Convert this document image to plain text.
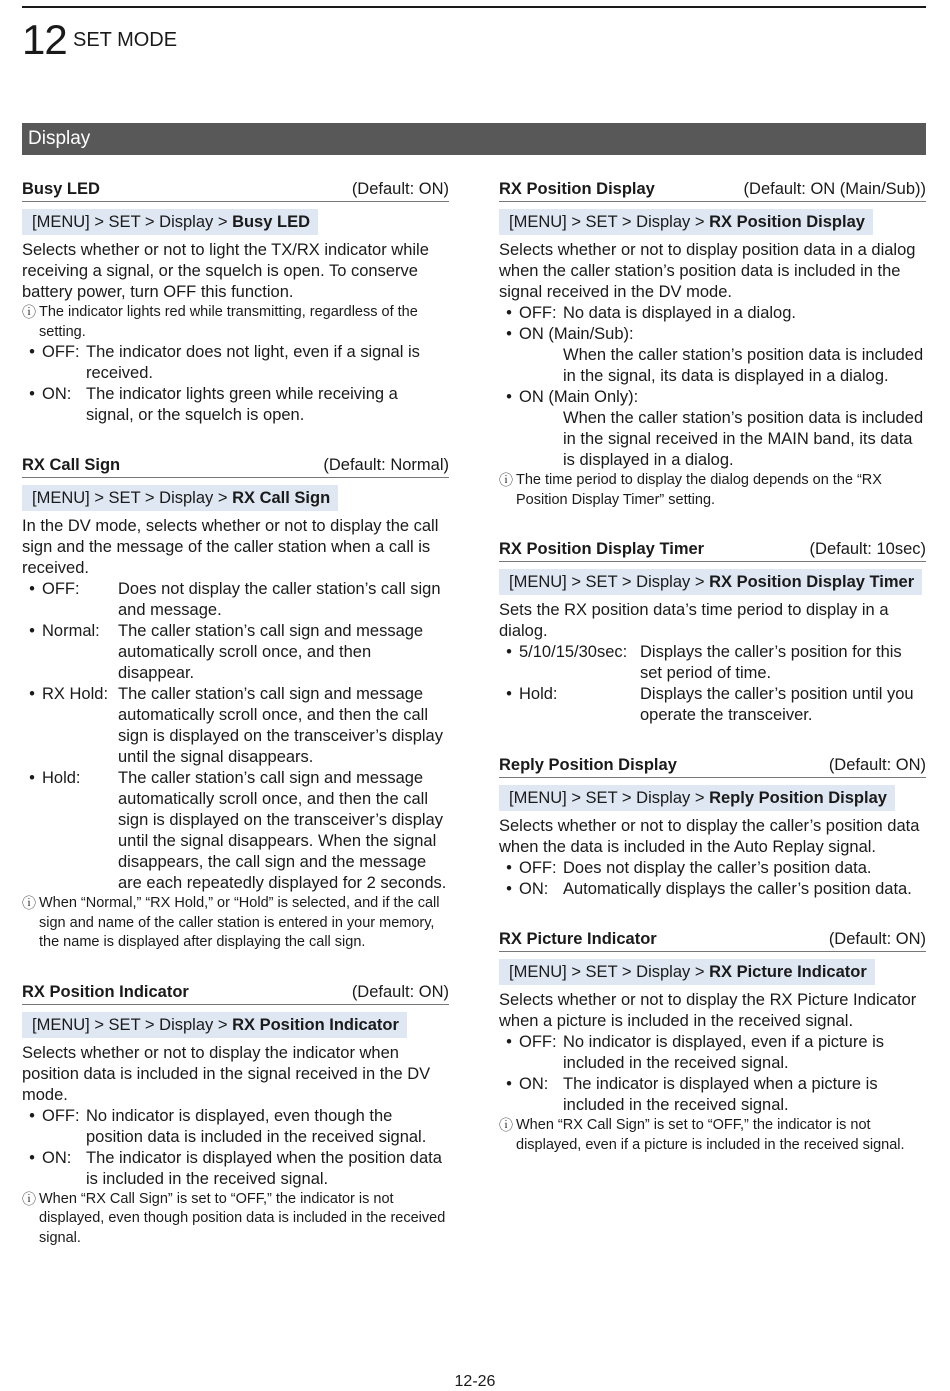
12 SET MODE
Display
Busy LED	(Default: ON)
[MENU] > SET > Display > Busy LED
Selects whether or not to light the TX/RX indicator while receiving a signal, or the squelch is open. To conserve battery power, turn OFF this function.
ⓘ The indicator lights red while transmitting, regardless of the setting.
• OFF: The indicator does not light, even if a signal is received.
• ON: The indicator lights green while receiving a signal, or the squelch is open.
RX Call Sign	(Default: Normal)
[MENU] > SET > Display > RX Call Sign
In the DV mode, selects whether or not to display the call sign and the message of the caller station when a call is received.
• OFF:	Does not display the caller station’s call sign and message.
• Normal:	The caller station’s call sign and message automatically scroll once, and then disappear.
• RX Hold: The caller station’s call sign and message automatically scroll once, and then the call sign is displayed on the transceiver’s display until the signal disappears.
• Hold:	The caller station’s call sign and message automatically scroll once, and then the call sign is displayed on the transceiver’s display until the signal disappears. When the signal disappears, the call sign and the message are each repeatedly displayed for 2 seconds.
ⓘ When “Normal,” “RX Hold,” or “Hold” is selected, and if the call sign and name of the caller station is entered in your memory, the name is displayed after displaying the call sign.
RX Position Indicator	(Default: ON)
[MENU] > SET > Display > RX Position Indicator
Selects whether or not to display the indicator when position data is included in the signal received in the DV mode.
• OFF: No indicator is displayed, even though the position data is included in the received signal.
• ON: The indicator is displayed when the position data is included in the received signal.
ⓘ When “RX Call Sign” is set to “OFF,” the indicator is not displayed, even though position data is included in the received signal.
RX Position Display	(Default: ON (Main/Sub))
[MENU] > SET > Display > RX Position Display
Selects whether or not to display position data in a dialog when the caller station’s position data is included in the signal received in the DV mode.
• OFF: No data is displayed in a dialog.
• ON (Main/Sub):
When the caller station’s position data is included in the signal, its data is displayed in a dialog.
• ON (Main Only):
When the caller station’s position data is included in the signal received in the MAIN band, its data is displayed in a dialog.
ⓘ The time period to display the dialog depends on the “RX Position Display Timer” setting.
RX Position Display Timer	(Default: 10sec)
[MENU] > SET > Display > RX Position Display Timer
Sets the RX position data’s time period to display in a dialog.
• 5/10/15/30sec: Displays the caller’s position for this set period of time.
• Hold:	Displays the caller’s position until you operate the transceiver.
Reply Position Display	(Default: ON)
[MENU] > SET > Display > Reply Position Display
Selects whether or not to display the caller’s position data when the data is included in the Auto Replay signal.
• OFF: Does not display the caller’s position data.
• ON: Automatically displays the caller’s position data.
RX Picture Indicator	(Default: ON)
[MENU] > SET > Display > RX Picture Indicator
Selects whether or not to display the RX Picture Indicator when a picture is included in the received signal.
• OFF: No indicator is displayed, even if a picture is included in the received signal.
• ON: The indicator is displayed when a picture is included in the received signal.
ⓘ When “RX Call Sign” is set to “OFF,” the indicator is not displayed, even if a picture is included in the received signal.
12-26
